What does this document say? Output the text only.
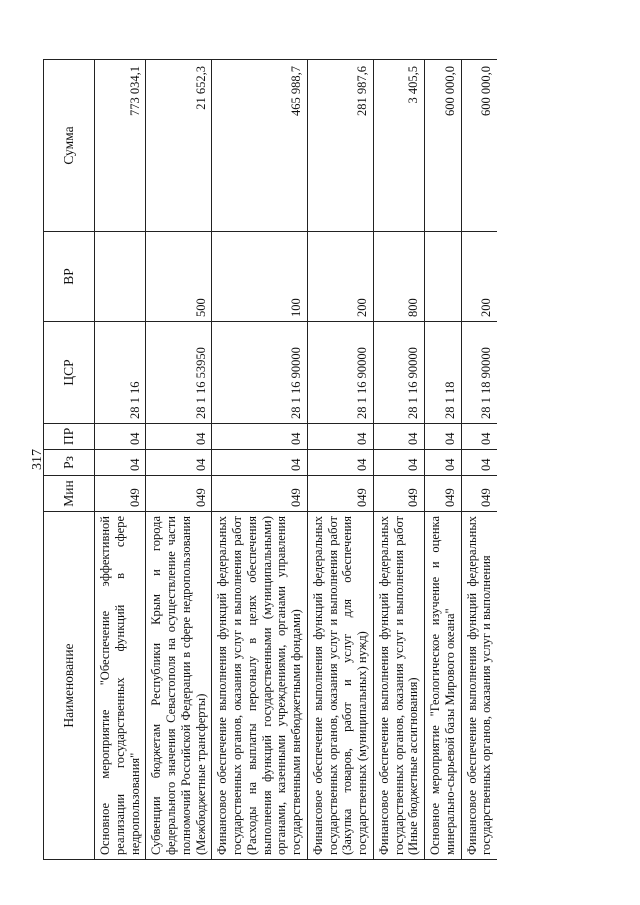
317
Наименование	Мин	Рз	ПР	ЦСР	ВР	Сумма
Основное мероприятие "Обеспечение эффективной реализации государственных функций в сфере недропользования"	049	04	04	28 1 16		773 034,1
Субвенции бюджетам Республики Крым и города федерального значения Севастополя на осуществление части полномочий Российской Федерации в сфере недропользования (Межбюджетные трансферты)	049	04	04	28 1 16 53950	500	21 652,3
Финансовое обеспечение выполнения функций федеральных государственных органов, оказания услуг и выполнения работ (Расходы на выплаты персоналу в целях обеспечения выполнения функций государственными (муниципальными) органами, казенными учреждениями, органами управления государственными внебюджетными фондами)	049	04	04	28 1 16 90000	100	465 988,7
Финансовое обеспечение выполнения функций федеральных государственных органов, оказания услуг и выполнения работ (Закупка товаров, работ и услуг для обеспечения государственных (муниципальных) нужд)	049	04	04	28 1 16 90000	200	281 987,6
Финансовое обеспечение выполнения функций федеральных государственных органов, оказания услуг и выполнения работ (Иные бюджетные ассигнования)	049	04	04	28 1 16 90000	800	3 405,5
Основное мероприятие "Геологическое изучение и оценка минерально-сырьевой базы Мирового океана"	049	04	04	28 1 18		600 000,0
Финансовое обеспечение выполнения функций федеральных государственных органов, оказания услуг и выполнения	049	04	04	28 1 18 90000	200	600 000,0
